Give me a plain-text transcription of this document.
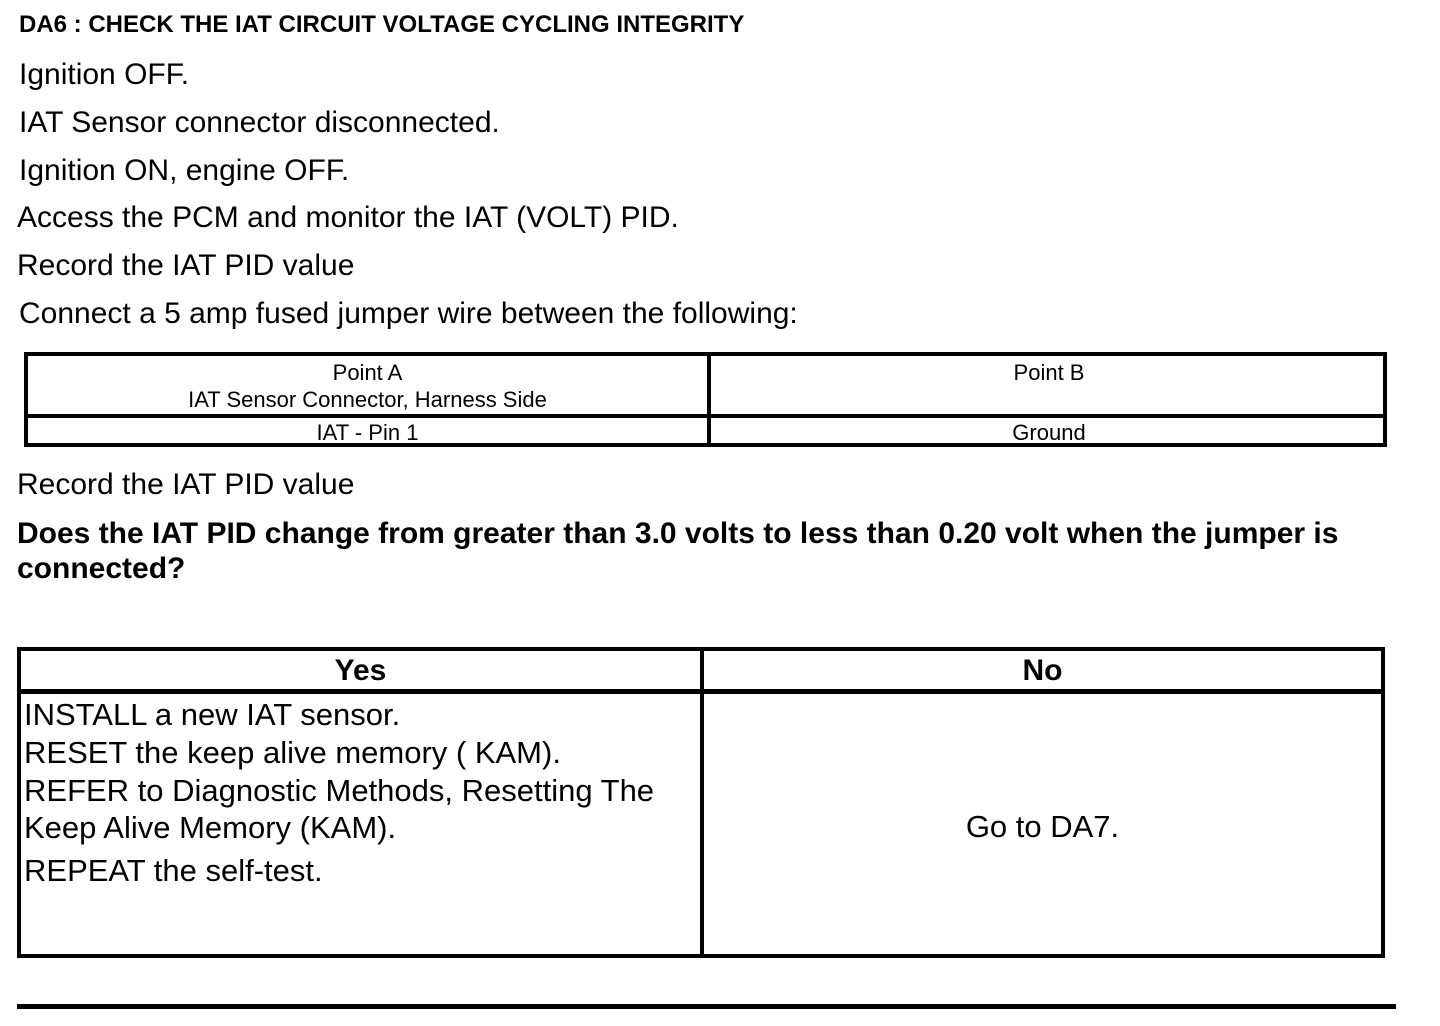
DA6 : CHECK THE IAT CIRCUIT VOLTAGE CYCLING INTEGRITY
Ignition OFF.
IAT Sensor connector disconnected.
Ignition ON, engine OFF.
Access the PCM and monitor the IAT (VOLT) PID.
Record the IAT PID value
Connect a 5 amp fused jumper wire between the following:
Point A
IAT Sensor Connector, Harness Side
Point B
IAT - Pin 1	Ground
Record the IAT PID value
Does the IAT PID change from greater than 3.0 volts to less than 0.20 volt when the jumper is connected?
Yes	No
INSTALL a new IAT sensor.
RESET the keep alive memory ( KAM).
REFER to Diagnostic Methods, Resetting The
Keep Alive Memory (KAM).
REPEAT the self-test.
Go to DA7.
